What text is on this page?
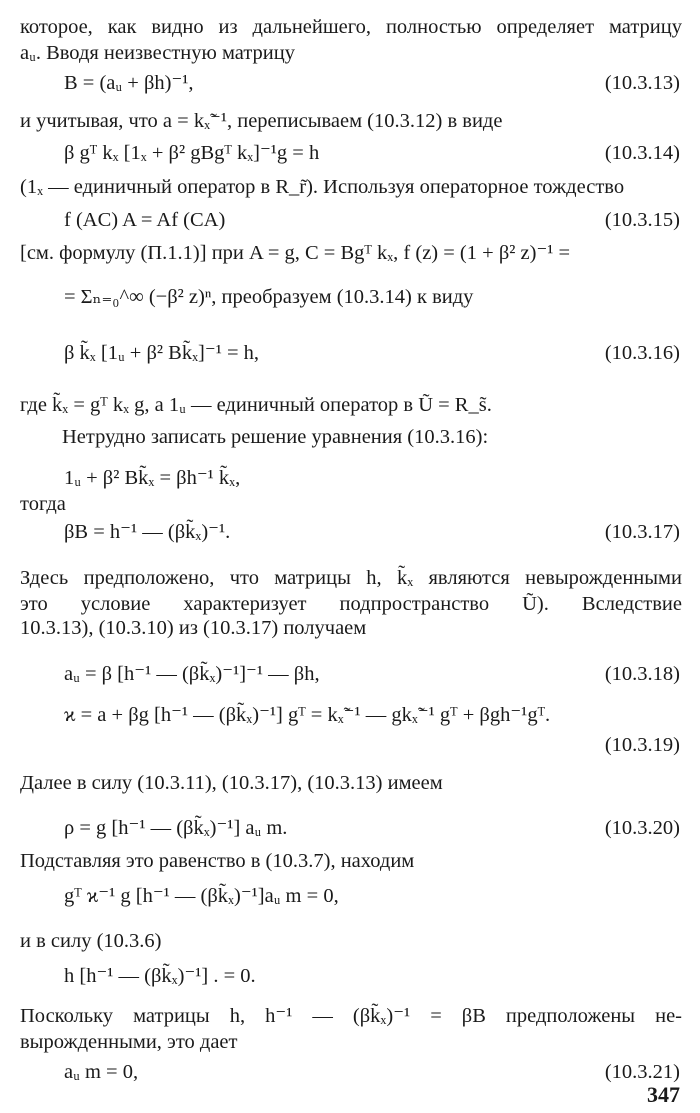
которое, как видно из дальнейшего, полностью определяет матрицу
aᵤ. Вводя неизвестную матрицу
B = (aᵤ + βh)⁻¹,
и учитывая, что a = kₓ̃⁻¹, переписываем (10.3.12) в виде
β gᵀ kₓ [1ₓ + β² gBgᵀ kₓ]⁻¹g = h
(1ₓ — единичный оператор в R_r̃). Используя операторное тождество
f (AC) A = Af (CA)
[см. формулу (П.1.1)] при A = g, C = Bgᵀ kₓ, f (z) = (1 + β² z)⁻¹ =
= Σₙ₌₀^∞ (−β² z)ⁿ, преобразуем (10.3.14) к виду
β k̃ₓ [1ᵤ + β² Bk̃ₓ]⁻¹ = h,
где k̃ₓ = gᵀ kₓ g, а 1ᵤ — единичный оператор в Ũ = R_s̃.
Нетрудно записать решение уравнения (10.3.16):
1ᵤ + β² Bk̃ₓ = βh⁻¹ k̃ₓ,
тогда
βB = h⁻¹ — (βk̃ₓ)⁻¹.
Здесь предположено, что матрицы h, k̃ₓ являются невырожденными
это условие характеризует подпространство Ũ). Вследствие
10.3.13), (10.3.10) из (10.3.17) получаем
aᵤ = β [h⁻¹ — (βk̃ₓ)⁻¹]⁻¹ — βh,
ϰ = a + βg [h⁻¹ — (βk̃ₓ)⁻¹] gᵀ = kₓ̃⁻¹ — gkₓ̃⁻¹ gᵀ + βgh⁻¹gᵀ.
Далее в силу (10.3.11), (10.3.17), (10.3.13) имеем
ρ = g [h⁻¹ — (βk̃ₓ)⁻¹] aᵤ m.
Подставляя это равенство в (10.3.7), находим
gᵀ ϰ⁻¹ g [h⁻¹ — (βk̃ₓ)⁻¹]aᵤ m = 0,
и в силу (10.3.6)
h [h⁻¹ — (βk̃ₓ)⁻¹] . = 0.
Поскольку матрицы h, h⁻¹ — (βk̃ₓ)⁻¹ = βB предположены не-
вырожденными, это дает
aᵤ m = 0,
(10.3.13)
(10.3.14)
(10.3.15)
(10.3.16)
(10.3.17)
(10.3.18)
(10.3.19)
(10.3.20)
(10.3.21)
347
